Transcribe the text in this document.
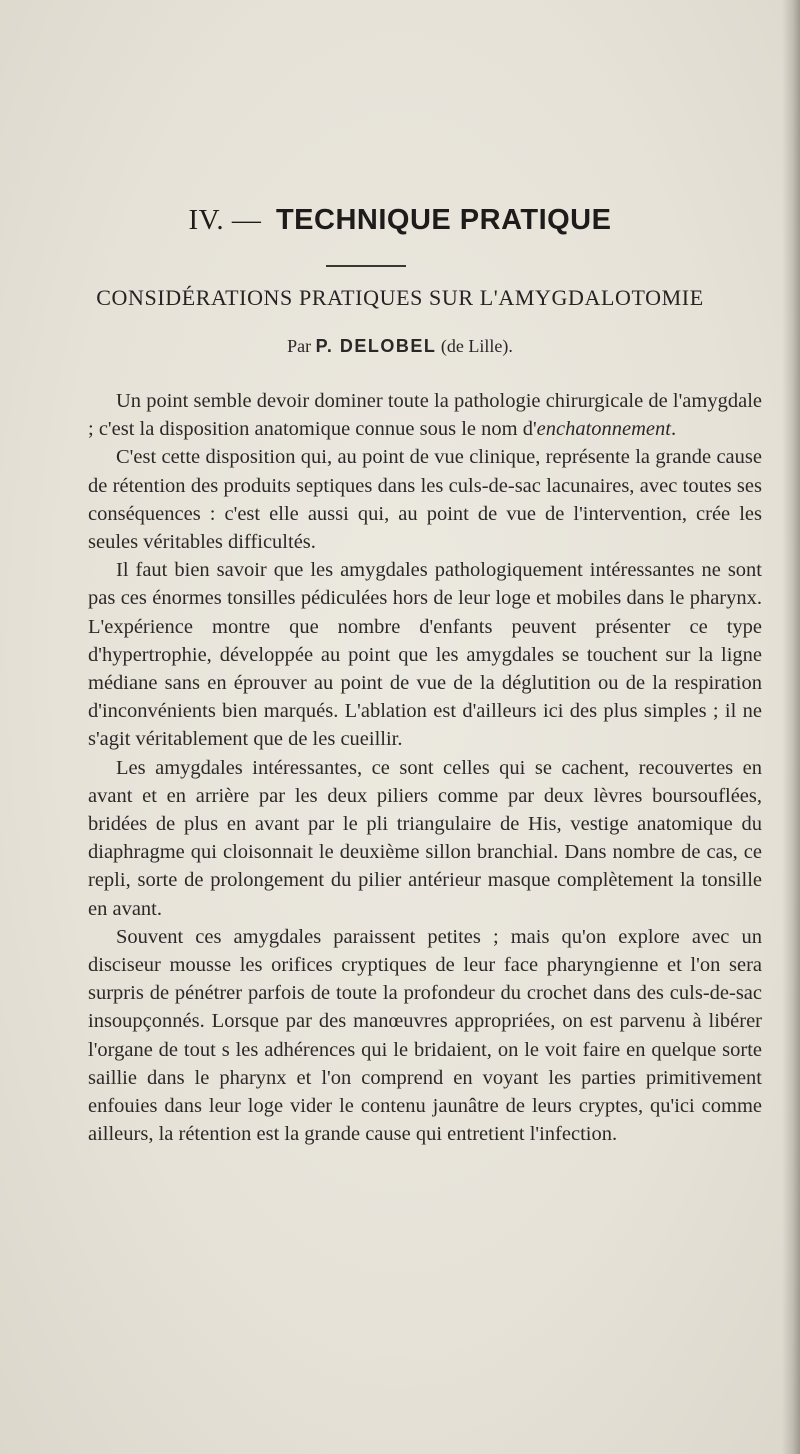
IV. — TECHNIQUE PRATIQUE
CONSIDÉRATIONS PRATIQUES SUR L'AMYGDALOTOMIE
Par P. DELOBEL (de Lille).

Un point semble devoir dominer toute la pathologie chirurgicale de l'amygdale ; c'est la disposition anatomique connue sous le nom d'enchatonnement.

C'est cette disposition qui, au point de vue clinique, représente la grande cause de rétention des produits septiques dans les culs-de-sac lacunaires, avec toutes ses conséquences : c'est elle aussi qui, au point de vue de l'intervention, crée les seules véritables difficultés.

Il faut bien savoir que les amygdales pathologiquement intéressantes ne sont pas ces énormes tonsilles pédiculées hors de leur loge et mobiles dans le pharynx. L'expérience montre que nombre d'enfants peuvent présenter ce type d'hypertrophie, développée au point que les amygdales se touchent sur la ligne médiane sans en éprouver au point de vue de la déglutition ou de la respiration d'inconvénients bien marqués. L'ablation est d'ailleurs ici des plus simples ; il ne s'agit véritablement que de les cueillir.

Les amygdales intéressantes, ce sont celles qui se cachent, recouvertes en avant et en arrière par les deux piliers comme par deux lèvres boursouflées, bridées de plus en avant par le pli triangulaire de His, vestige anatomique du diaphragme qui cloisonnait le deuxième sillon branchial. Dans nombre de cas, ce repli, sorte de prolongement du pilier antérieur masque complètement la tonsille en avant.

Souvent ces amygdales paraissent petites ; mais qu'on explore avec un disciseur mousse les orifices cryptiques de leur face pharyngienne et l'on sera surpris de pénétrer parfois de toute la profondeur du crochet dans des culs-de-sac insoupçonnés. Lorsque par des manœuvres appropriées, on est parvenu à libérer l'organe de tout s les adhérences qui le bridaient, on le voit faire en quelque sorte saillie dans le pharynx et l'on comprend en voyant les parties primitivement enfouies dans leur loge vider le contenu jaunâtre de leurs cryptes, qu'ici comme ailleurs, la rétention est la grande cause qui entretient l'infection.
